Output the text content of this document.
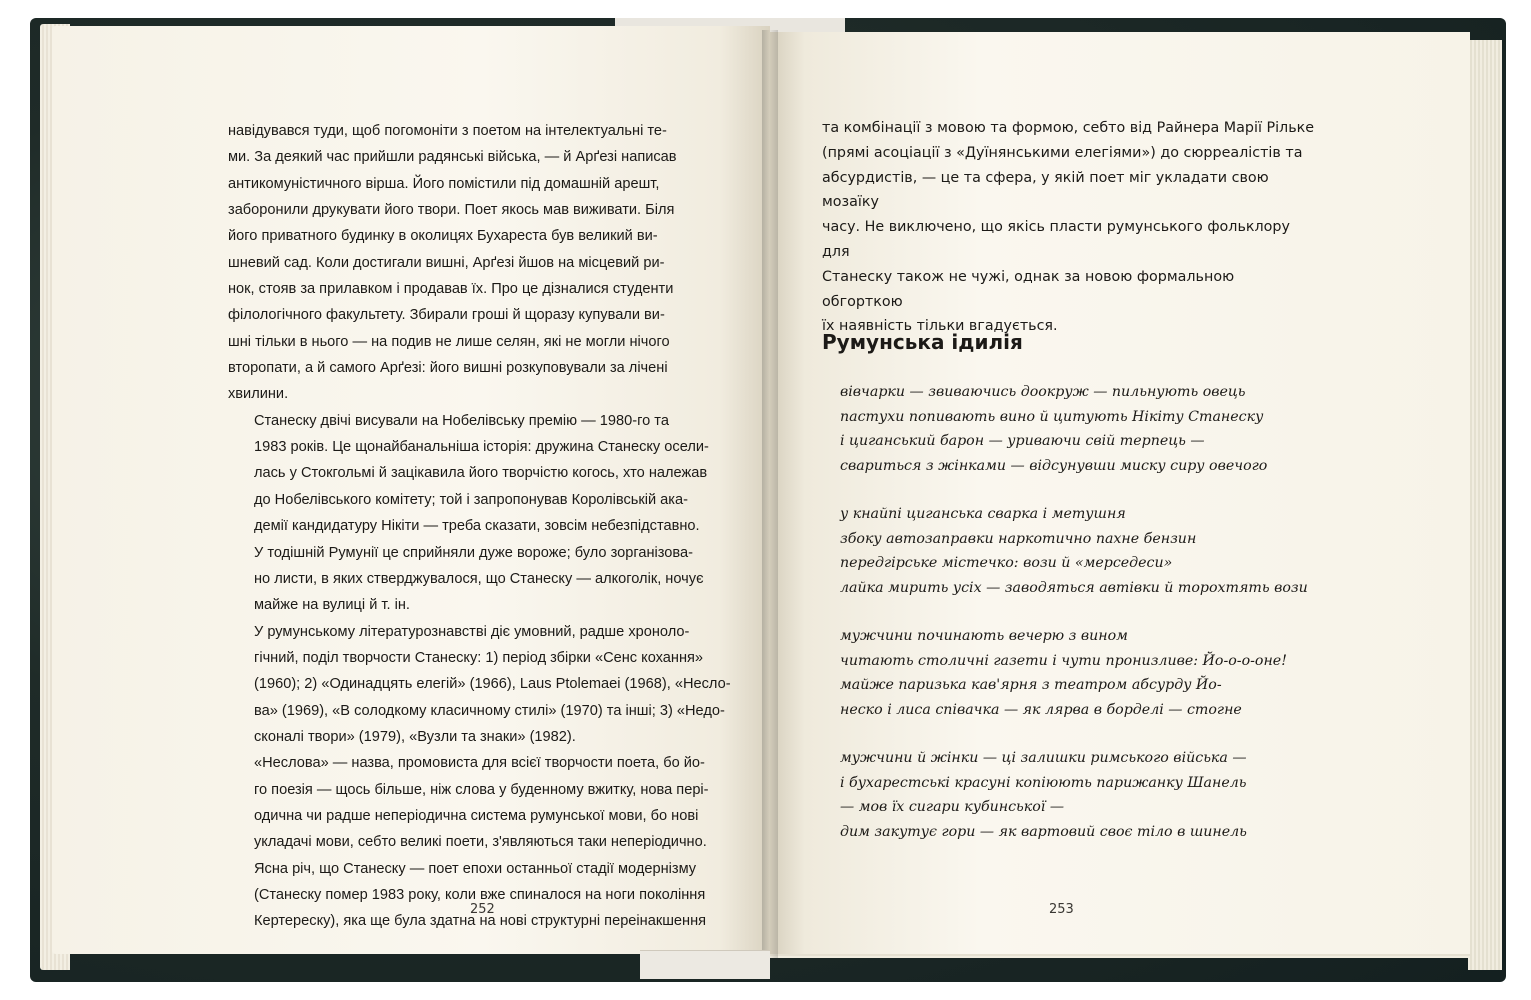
навідувався туди, щоб погомоніти з поетом на інтелектуальні те-
ми. За деякий час прийшли радянські війська, — й Арґезі написав
антикомуністичного вірша. Його помістили під домашній арешт,
заборонили друкувати його твори. Поет якось мав виживати. Біля
його приватного будинку в околицях Бухареста був великий ви-
шневий сад. Коли достигали вишні, Арґезі йшов на місцевий ри-
нок, стояв за прилавком і продавав їх. Про це дізналися студенти
філологічного факультету. Збирали гроші й щоразу купували ви-
шні тільки в нього — на подив не лише селян, які не могли нічого
второпати, а й самого Арґезі: його вишні розкуповували за лічені
хвилини.

Станеску двічі висували на Нобелівську премію — 1980-го та
1983 років. Це щонайбанальніша історія: дружина Станеску осели-
лась у Стокгольмі й зацікавила його творчістю когось, хто належав
до Нобелівського комітету; той і запропонував Королівській ака-
демії кандидатуру Нікіти — треба сказати, зовсім небезпідставно.
У тодішній Румунії це сприйняли дуже вороже; було зорганізова-
но листи, в яких стверджувалося, що Станеску — алкоголік, ночує
майже на вулиці й т. ін.

У румунському літературознавстві діє умовний, радше хроноло-
гічний, поділ творчости Станеску: 1) період збірки «Сенс кохання»
(1960); 2) «Одинадцять елегій» (1966), Laus Ptolemaei (1968), «Несло-
ва» (1969), «В солодкому класичному стилі» (1970) та інші; 3) «Недо-
сконалі твори» (1979), «Вузли та знаки» (1982).

«Неслова» — назва, промовиста для всієї творчости поета, бо йо-
го поезія — щось більше, ніж слова у буденному вжитку, нова пері-
одична чи радше неперіодична система румунської мови, бо нові
укладачі мови, себто великі поети, з'являються таки неперіодично.

Ясна річ, що Станеску — поет епохи останньої стадії модернізму
(Станеску помер 1983 року, коли вже спиналося на ноги покоління
Кертереску), яка ще була здатна на нові структурні переінакшення

252
та комбінації з мовою та формою, себто від Райнера Марії Рільке
(прямі асоціації з «Дуїнянськими елегіями») до сюрреалістів та
абсурдистів, — це та сфера, у якій поет міг укладати свою мозаїку
часу. Не виключено, що якісь пласти румунського фольклору для
Станеску також не чужі, однак за новою формальною обгорткою
їх наявність тільки вгадується.
Румунська ідилія
вівчарки — звиваючись доокруж — пильнують овець
пастухи попивають вино й цитують Нікіту Станеску
і циганський барон — уриваючи свій терпець —
свариться з жінками — відсунувши миску сиру овечого
у кнайпі циганська сварка і метушня
збоку автозаправки наркотично пахне бензин
передгірське містечко: вози й «мерседеси»
лайка мирить усіх — заводяться автівки й торохтять вози
мужчини починають вечерю з вином
читають столичні газети і чути пронизливе: Йо-о-о-оне!
майже паризька кав'ярня з театром абсурду Йо-
неско і лиса співачка — як лярва в борделі — стогне
мужчини й жінки — ці залишки римського війська —
і бухарестські красуні копіюють парижанку Шанель
— мов їх сигари кубинської —
дим закутує гори — як вартовий своє тіло в шинель
253
